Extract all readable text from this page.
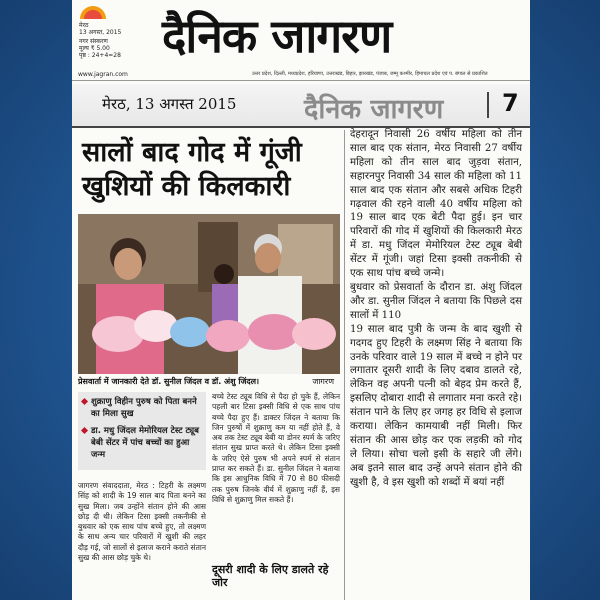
मेरठ
13 अगस्त, 2015
नगर संस्करण
मूल्य ₹ 5.00
पृष्ठ : 24+4=28 दैनिक जागरण
www.jagran.com	उत्तर प्रदेश, दिल्ली, मध्यप्रदेश, हरियाणा, उत्तराखंड, बिहार, झारखंड, पंजाब, जम्मू कश्मीर, हिमाचल प्रदेश एवं प. बंगाल से प्रकाशित
मेरठ, 13 अगस्त 2015	दैनिक जागरण 7
सालों बाद गोद में गूंजी खुशियों की किलकारी
प्रेसवार्ता में जानकारी देते डॉ. सुनील जिंदल व डॉ. अंशु जिंदल।	जागरण
शुक्राणु विहीन पुरुष को पिता बनने का मिला सुख
डा. मधु जिंदल मेमोरियल टेस्ट ट्यूब बेबी सेंटर में पांच बच्चों का हुआ जन्म
जागरण संवाददाता, मेरठ : टिहरी के लक्ष्मण सिंह को शादी के 19 साल बाद पिता बनने का सुख मिला। जब उन्होंने संतान होने की आस छोड़ दी थी। लेकिन टिसा इक्सी तकनीकी से बुधवार को एक साथ पांच बच्चे हुए, तो लक्ष्मण के साथ अन्य चार परिवारों में खुशी की लहर दौड़ गई, जो सालों से इलाज कराने कराते संतान सुख की आस छोड़ चुके थे।
बच्चे टेस्ट ट्यूब विधि से पैदा हो चुके हैं, लेकिन पहली बार टिसा इक्सी विधि से एक साथ पांच बच्चे पैदा हुए हैं। डाक्टर जिंदल ने बताया कि जिन पुरुषों में शुक्राणु कम या नहीं होते हैं, वे अब तक टेस्ट ट्यूब बेबी या डोनर स्पर्म के जरिए संतान सुख प्राप्त करते थे। लेकिन टिसा इक्सी के जरिए ऐसे पुरुष भी अपने स्पर्म से संतान प्राप्त कर सकते हैं। डा. सुनील जिंदल ने बताया कि इस आधुनिक विधि में 70 से 80 फीसदी तक पुरुष जिनके वीर्य में शुक्राणु नहीं हैं, इस विधि से शुक्राणु मिल सकते हैं।
दूसरी शादी के लिए डालते रहे जोर
देहरादून निवासी 26 वर्षीय महिला को तीन साल बाद एक संतान, मेरठ निवासी 27 वर्षीय महिला को तीन साल बाद जुड़वा संतान, सहारनपुर निवासी 34 साल की महिला को 11 साल बाद एक संतान और सबसे अधिक टिहरी गढ़वाल की रहने वाली 40 वर्षीय महिला को 19 साल बाद एक बेटी पैदा हुई। इन चार परिवारों की गोद में खुशियों की किलकारी मेरठ में डा. मधु जिंदल मेमोरियल टेस्ट ट्यूब बेबी सेंटर में गूंजी। जहां टिसा इक्सी तकनीकी से एक साथ पांच बच्चे जन्मे।
बुधवार को प्रेसवार्ता के दौरान डा. अंशु जिंदल और डा. सुनील जिंदल ने बताया कि पिछले दस सालों में 110
19 साल बाद पुत्री के जन्म के बाद खुशी से गदगद हुए टिहरी के लक्ष्मण सिंह ने बताया कि उनके परिवार वाले 19 साल में बच्चे न होने पर लगातार दूसरी शादी के लिए दबाव डालते रहे, लेकिन वह अपनी पत्नी को बेहद प्रेम करते हैं, इसलिए दोबारा शादी से लगातार मना करते रहे। संतान पाने के लिए हर जगह हर विधि से इलाज कराया। लेकिन कामयाबी नहीं मिली। फिर संतान की आस छोड़ कर एक लड़की को गोद ले लिया। सोचा चलो इसी के सहारे जी लेंगे। अब इतने साल बाद उन्हें अपने संतान होने की खुशी है, वे इस खुशी को शब्दों में बयां नहीं
